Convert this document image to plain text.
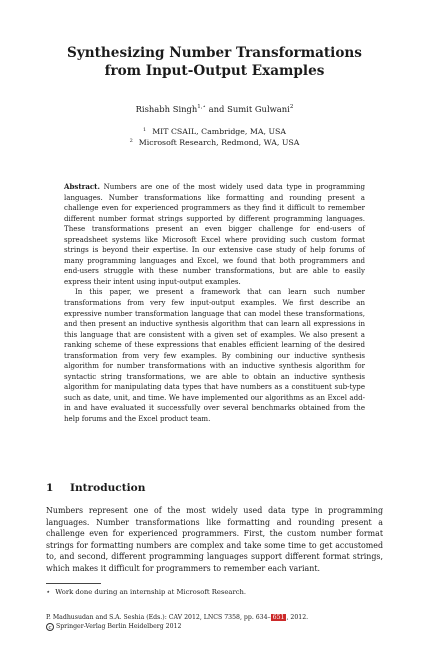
Synthesizing Number Transformations
from Input-Output Examples
Rishabh Singh$^{1,⋆}$ and Sumit Gulwani$^2$
$^1$ MIT CSAIL, Cambridge, MA, USA
$^2$ Microsoft Research, Redmond, WA, USA

Abstract. Numbers are one of the most widely used data type in programming languages. Number transformations like formatting and rounding present a challenge even for experienced programmers as they find it difficult to remember different number format strings supported by different programming languages. These transformations present an even bigger challenge for end-users of spreadsheet systems like Microsoft Excel where providing such custom format strings is beyond their expertise. In our extensive case study of help forums of many programming languages and Excel, we found that both programmers and end-users struggle with these number transformations, but are able to easily express their intent using input-output examples.

In this paper, we present a framework that can learn such number transformations from very few input-output examples. We first describe an expressive number transformation language that can model these transformations, and then present an inductive synthesis algorithm that can learn all expressions in this language that are consistent with a given set of examples. We also present a ranking scheme of these expressions that enables efficient learning of the desired transformation from very few examples. By combining our inductive synthesis algorithm for number transformations with an inductive synthesis algorithm for syntactic string transformations, we are able to obtain an inductive synthesis algorithm for manipulating data types that have numbers as a constituent sub-type such as date, unit, and time. We have implemented our algorithms as an Excel add-in and have evaluated it successfully over several benchmarks obtained from the help forums and the Excel product team.

1 Introduction

Numbers represent one of the most widely used data type in programming languages. Number transformations like formatting and rounding present a challenge even for experienced programmers. First, the custom number format strings for formatting numbers are complex and take some time to get accustomed to, and second, different programming languages support different format strings, which makes it difficult for programmers to remember each variant.

⋆ Work done during an internship at Microsoft Research.
P. Madhusudan and S.A. Seshia (Eds.): CAV 2012, LNCS 7358, pp. 634– 651 , 2012.
c Springer-Verlag Berlin Heidelberg 2012
